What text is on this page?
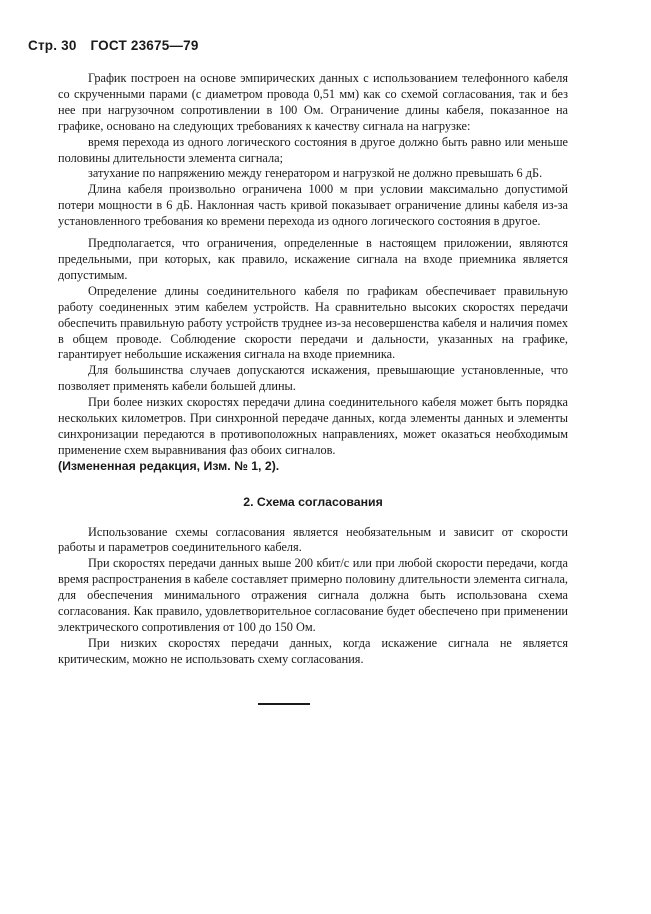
Стр. 30 ГОСТ 23675—79

График построен на основе эмпирических данных с использованием телефонного кабеля со скрученными парами (с диаметром провода 0,51 мм) как со схемой согласования, так и без нее при нагрузочном сопротивлении в 100 Ом. Ограничение длины кабеля, показанное на графике, основано на следующих требованиях к качеству сигнала на нагрузке:

время перехода из одного логического состояния в другое должно быть равно или меньше половины длительности элемента сигнала;

затухание по напряжению между генератором и нагрузкой не должно превышать 6 дБ.

Длина кабеля произвольно ограничена 1000 м при условии максимально допустимой потери мощности в 6 дБ. Наклонная часть кривой показывает ограничение длины кабеля из-за установленного требования ко времени перехода из одного логического состояния в другое.

Предполагается, что ограничения, определенные в настоящем приложении, являются предельными, при которых, как правило, искажение сигнала на входе приемника является допустимым.

Определение длины соединительного кабеля по графикам обеспечивает правильную работу соединенных этим кабелем устройств. На сравнительно высоких скоростях передачи обеспечить правильную работу устройств труднее из-за несовершенства кабеля и наличия помех в общем проводе. Соблюдение скорости передачи и дальности, указанных на графике, гарантирует небольшие искажения сигнала на входе приемника.

Для большинства случаев допускаются искажения, превышающие установленные, что позволяет применять кабели большей длины.

При более низких скоростях передачи длина соединительного кабеля может быть порядка нескольких километров. При синхронной передаче данных, когда элементы данных и элементы синхронизации передаются в противоположных направлениях, может оказаться необходимым применение схем выравнивания фаз обоих сигналов.

(Измененная редакция, Изм. № 1, 2).

2. Схема согласования

Использование схемы согласования является необязательным и зависит от скорости работы и параметров соединительного кабеля.

При скоростях передачи данных выше 200 кбит/с или при любой скорости передачи, когда время распространения в кабеле составляет примерно половину длительности элемента сигнала, для обеспечения минимального отражения сигнала должна быть использована схема согласования. Как правило, удовлетворительное согласование будет обеспечено при применении электрического сопротивления от 100 до 150 Ом.

При низких скоростях передачи данных, когда искажение сигнала не является критическим, можно не использовать схему согласования.
